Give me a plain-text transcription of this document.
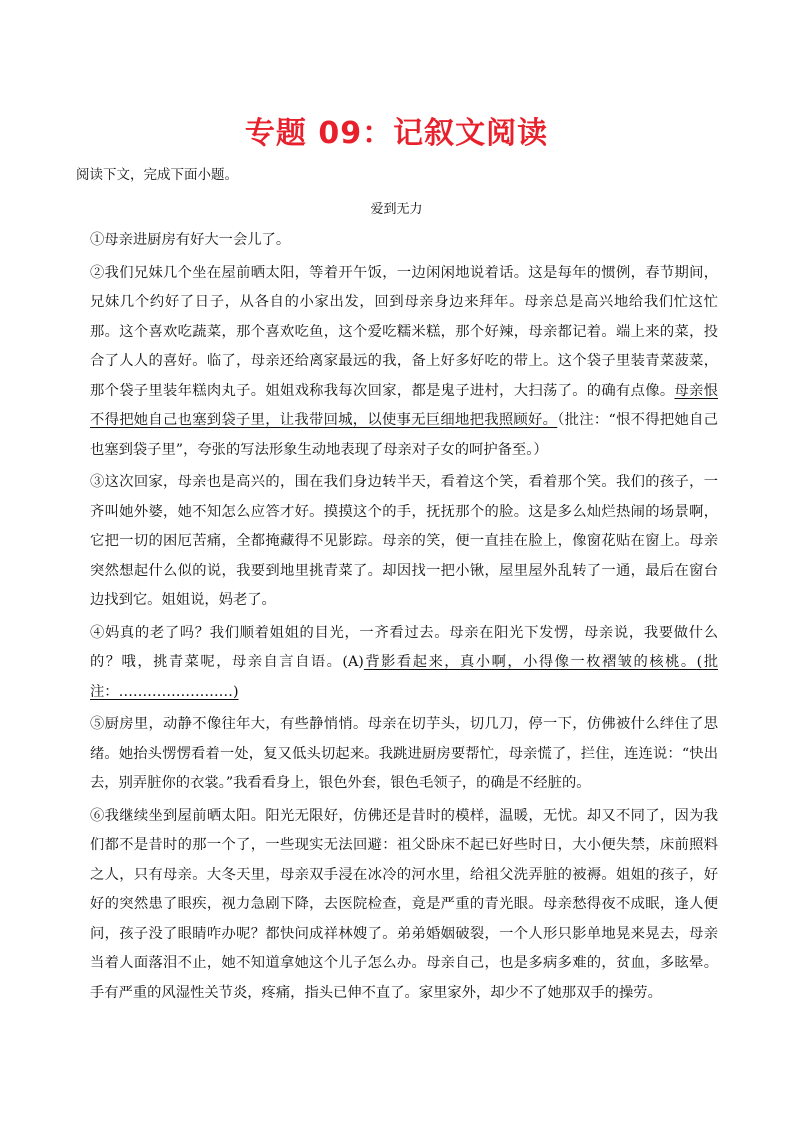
专题 09：记叙文阅读
阅读下文，完成下面小题。
爱到无力

①母亲进厨房有好大一会儿了。

②我们兄妹几个坐在屋前晒太阳，等着开午饭，一边闲闲地说着话。这是每年的惯例，春节期间，兄妹几个约好了日子，从各自的小家出发，回到母亲身边来拜年。母亲总是高兴地给我们忙这忙那。这个喜欢吃蔬菜，那个喜欢吃鱼，这个爱吃糯米糕，那个好辣，母亲都记着。端上来的菜，投合了人人的喜好。临了，母亲还给离家最远的我，备上好多好吃的带上。这个袋子里装青菜菠菜，那个袋子里装年糕肉丸子。姐姐戏称我每次回家，都是鬼子进村，大扫荡了。的确有点像。母亲恨不得把她自己也塞到袋子里，让我带回城，以使事无巨细地把我照顾好。（批注：“恨不得把她自己也塞到袋子里”，夸张的写法形象生动地表现了母亲对子女的呵护备至。）

③这次回家，母亲也是高兴的，围在我们身边转半天，看着这个笑，看着那个笑。我们的孩子，一齐叫她外婆，她不知怎么应答才好。摸摸这个的手，抚抚那个的脸。这是多么灿烂热闹的场景啊，它把一切的困厄苦痛，全都掩藏得不见影踪。母亲的笑，便一直挂在脸上，像窗花贴在窗上。母亲突然想起什么似的说，我要到地里挑青菜了。却因找一把小锹，屋里屋外乱转了一通，最后在窗台边找到它。姐姐说，妈老了。

④妈真的老了吗？我们顺着姐姐的目光，一齐看过去。母亲在阳光下发愣，母亲说，我要做什么的？哦，挑青菜呢，母亲自言自语。(A)背影看起来，真小啊，小得像一枚褶皱的核桃。(批注：……………………)

⑤厨房里，动静不像往年大，有些静悄悄。母亲在切芋头，切几刀，停一下，仿佛被什么绊住了思绪。她抬头愣愣看着一处，复又低头切起来。我跳进厨房要帮忙，母亲慌了，拦住，连连说：“快出去，别弄脏你的衣裳。”我看看身上，银色外套，银色毛领子，的确是不经脏的。

⑥我继续坐到屋前晒太阳。阳光无限好，仿佛还是昔时的模样，温暖，无忧。却又不同了，因为我们都不是昔时的那一个了，一些现实无法回避：祖父卧床不起已好些时日，大小便失禁，床前照料之人，只有母亲。大冬天里，母亲双手浸在冰冷的河水里，给祖父洗弄脏的被褥。姐姐的孩子，好好的突然患了眼疾，视力急剧下降，去医院检查，竟是严重的青光眼。母亲愁得夜不成眠，逢人便问，孩子没了眼睛咋办呢？都快问成祥林嫂了。弟弟婚姻破裂，一个人形只影单地晃来晃去，母亲当着人面落泪不止，她不知道拿她这个儿子怎么办。母亲自己，也是多病多难的，贫血，多眩晕。手有严重的风湿性关节炎，疼痛，指头已伸不直了。家里家外，却少不了她那双手的操劳。
